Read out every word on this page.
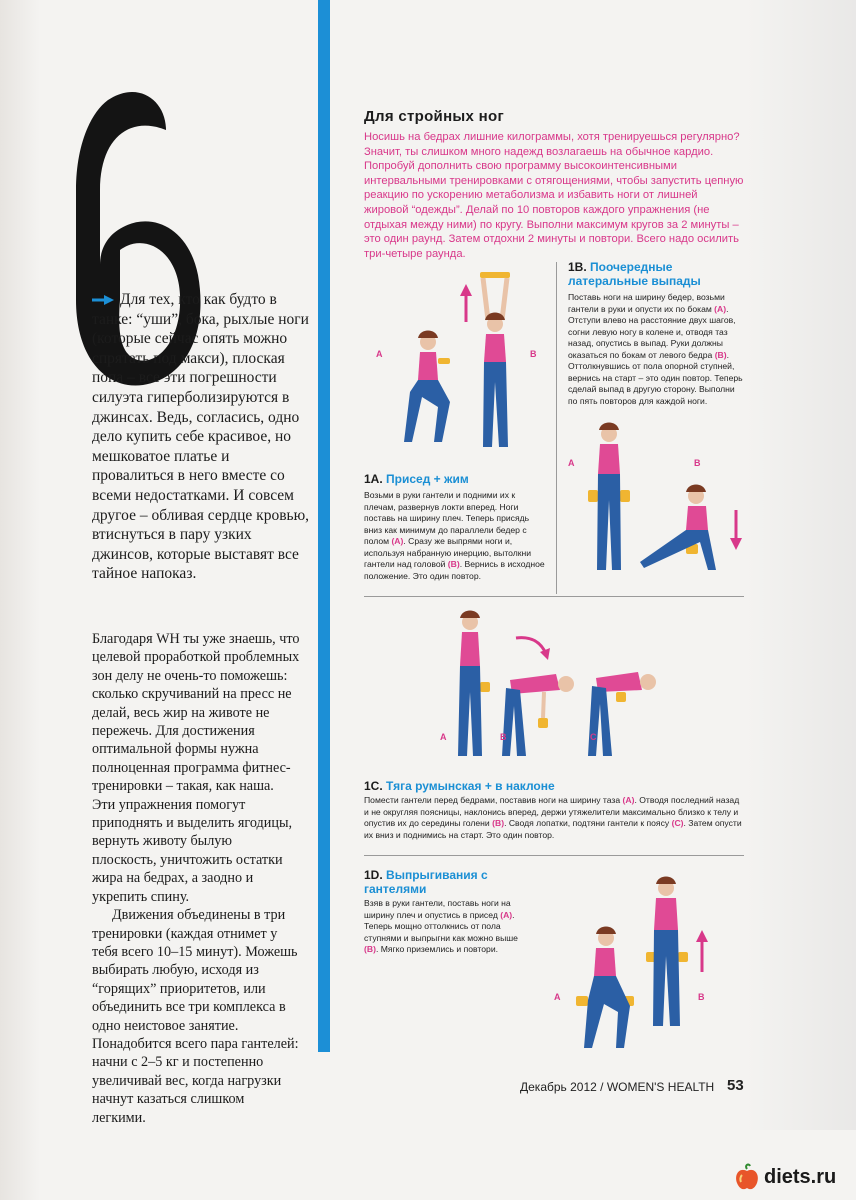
Для тех, кто как будто в танке: “уши”, бока, рыхлые ноги (которые сейчас опять можно спрятать под макси), плоская попа – все эти погрешности силуэта гиперболизируются в джинсах. Ведь, согласись, одно дело купить себе красивое, но мешковатое платье и провалиться в него вместе со всеми недостатками. И совсем другое – обливая сердце кровью, втиснуться в пару узких джинсов, которые выставят все тайное напоказ.

Благодаря WH ты уже знаешь, что целевой проработкой проблемных зон делу не очень-то поможешь: сколько скручиваний на пресс не делай, весь жир на животе не пережечь. Для достижения оптимальной формы нужна полноценная программа фитнес-тренировки – такая, как наша. Эти упражнения помогут приподнять и выделить ягодицы, вернуть животу былую плоскость, уничтожить остатки жира на бедрах, а заодно и укрепить спину.

Движения объединены в три тренировки (каждая отнимет у тебя всего 10–15 минут). Можешь выбирать любую, исходя из “горящих” приоритетов, или объединить все три комплекса в одно неистовое занятие. Понадобится всего пара гантелей: начни с 2–5 кг и постепенно увеличивай вес, когда нагрузки начнут казаться слишком легкими.

Для стройных ног
Носишь на бедрах лишние килограммы, хотя тренируешься регулярно? Значит, ты слишком много надежд возлагаешь на обычное кардио. Попробуй дополнить свою программу высокоинтенсивными интервальными тренировками с отягощениями, чтобы запустить цепную реакцию по ускорению метаболизма и избавить ноги от лишней жировой “одежды”. Делай по 10 повторов каждого упражнения (не отдыхая между ними) по кругу. Выполни максимум кругов за 2 минуты – это один раунд. Затем отдохни 2 минуты и повтори. Всего надо осилить три-четыре раунда.
A	B
1A. Присед + жим
Возьми в руки гантели и подними их к плечам, развернув локти вперед. Ноги поставь на ширину плеч. Теперь присядь вниз как минимум до параллели бедер с полом (A). Сразу же выпрями ноги и, используя набранную инерцию, вытолкни гантели над головой (B). Вернись в исходное положение. Это один повтор.
1B. Поочередные латеральные выпады
Поставь ноги на ширину бедер, возьми гантели в руки и опусти их по бокам (A). Отступи влево на расстояние двух шагов, согни левую ногу в колене и, отводя таз назад, опустись в выпад. Руки должны оказаться по бокам от левого бедра (B). Оттолкнувшись от пола опорной ступней, вернись на старт – это один повтор. Теперь сделай выпад в другую сторону. Выполни по пять повторов для каждой ноги.
A	B
A	B	C
1C. Тяга румынская + в наклоне
Помести гантели перед бедрами, поставив ноги на ширину таза (A). Отводя последний назад и не округляя поясницы, наклонись вперед, держи утяжелители максимально близко к телу и опустив их до середины голени (B). Сводя лопатки, подтяни гантели к поясу (C). Затем опусти их вниз и поднимись на старт. Это один повтор.
1D. Выпрыгивания с гантелями
Взяв в руки гантели, поставь ноги на ширину плеч и опустись в присед (A). Теперь мощно оттолкнись от пола ступнями и выпрыгни как можно выше (B). Мягко приземлись и повтори.
A	B
Декабрь 2012 / WOMEN'S HEALTH 53
diets.ru
